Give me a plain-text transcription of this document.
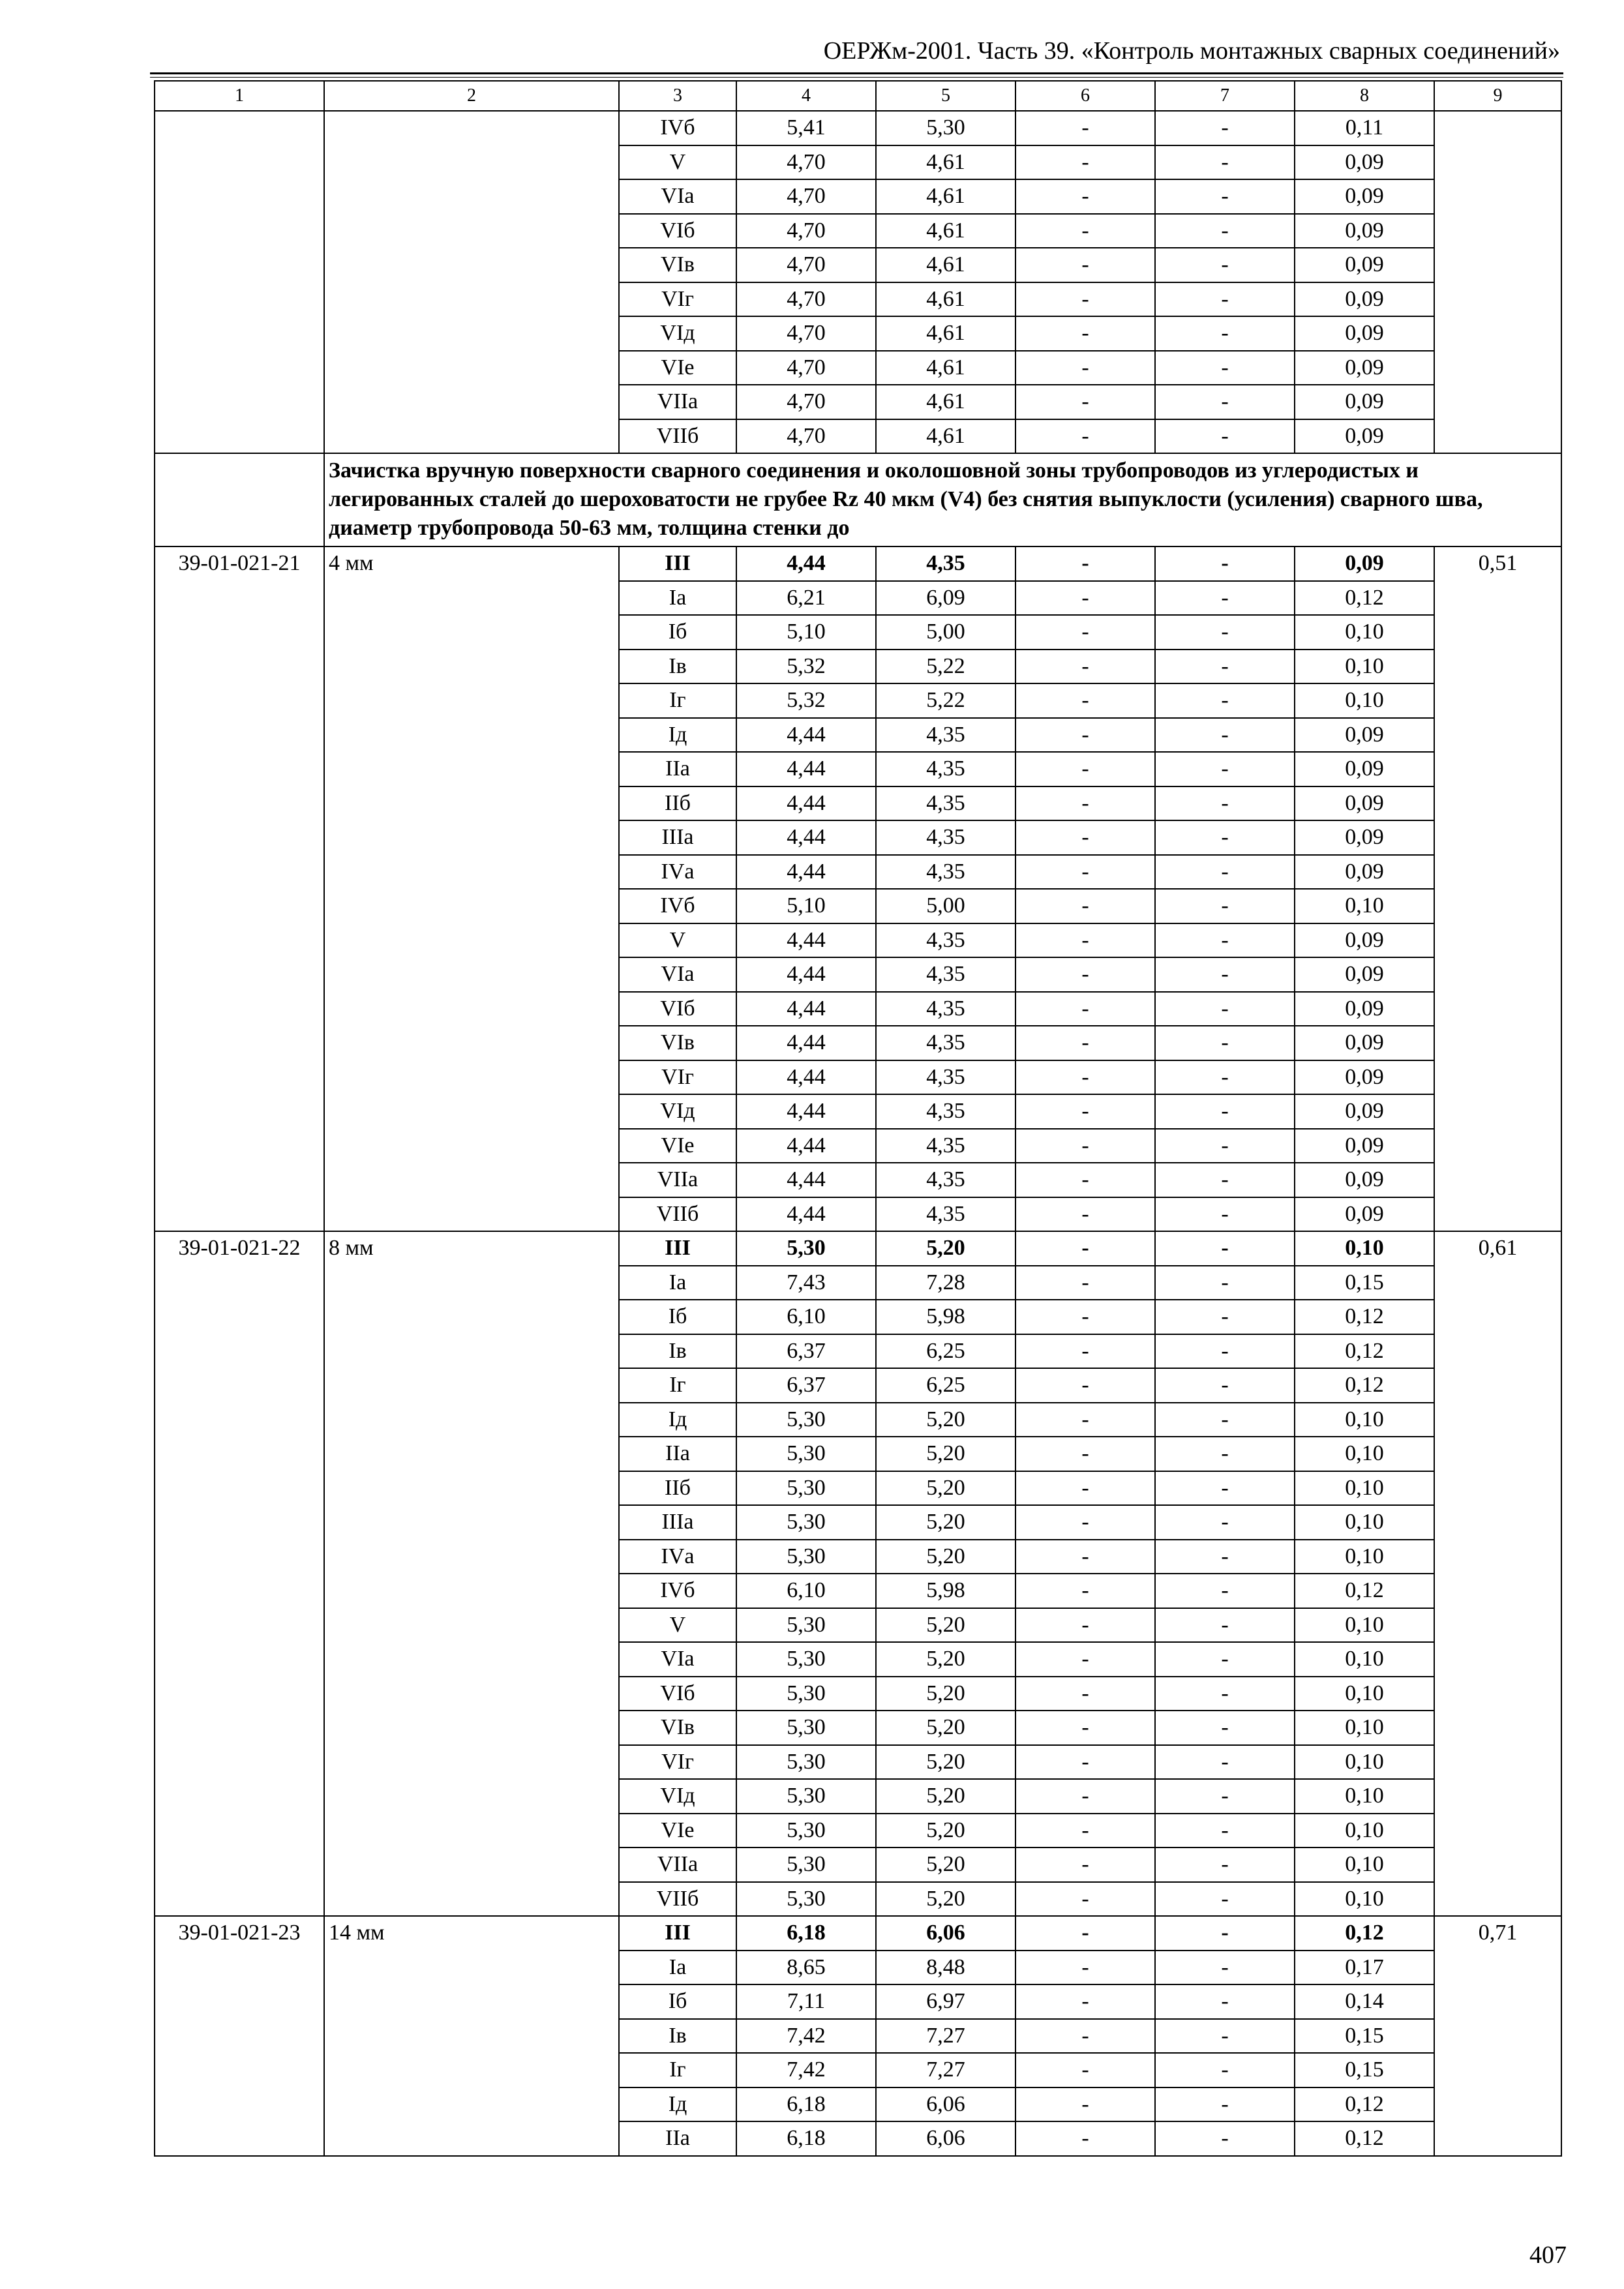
ОЕРЖм-2001. Часть 39. «Контроль монтажных сварных соединений»
1	2	3	4	5	6	7	8	9
		IVб	5,41	5,30	-	-	0,11	
		V	4,70	4,61	-	-	0,09	
		VIа	4,70	4,61	-	-	0,09	
		VIб	4,70	4,61	-	-	0,09	
		VIв	4,70	4,61	-	-	0,09	
		VIг	4,70	4,61	-	-	0,09	
		VIд	4,70	4,61	-	-	0,09	
		VIе	4,70	4,61	-	-	0,09	
		VIIа	4,70	4,61	-	-	0,09	
		VIIб	4,70	4,61	-	-	0,09	
	Зачистка вручную поверхности сварного соединения и околошовной зоны трубопроводов из углеродистых и легированных сталей до шероховатости не грубее Rz 40 мкм (V4) без снятия выпуклости (усиления) сварного шва, диаметр трубопровода 50-63 мм, толщина стенки до							
39-01-021-21	4 мм	III	4,44	4,35	-	-	0,09	0,51
		Iа	6,21	6,09	-	-	0,12	
		Iб	5,10	5,00	-	-	0,10	
		Iв	5,32	5,22	-	-	0,10	
		Iг	5,32	5,22	-	-	0,10	
		Iд	4,44	4,35	-	-	0,09	
		IIа	4,44	4,35	-	-	0,09	
		IIб	4,44	4,35	-	-	0,09	
		IIIа	4,44	4,35	-	-	0,09	
		IVа	4,44	4,35	-	-	0,09	
		IVб	5,10	5,00	-	-	0,10	
		V	4,44	4,35	-	-	0,09	
		VIа	4,44	4,35	-	-	0,09	
		VIб	4,44	4,35	-	-	0,09	
		VIв	4,44	4,35	-	-	0,09	
		VIг	4,44	4,35	-	-	0,09	
		VIд	4,44	4,35	-	-	0,09	
		VIе	4,44	4,35	-	-	0,09	
		VIIа	4,44	4,35	-	-	0,09	
		VIIб	4,44	4,35	-	-	0,09	
39-01-021-22	8 мм	III	5,30	5,20	-	-	0,10	0,61
		Iа	7,43	7,28	-	-	0,15	
		Iб	6,10	5,98	-	-	0,12	
		Iв	6,37	6,25	-	-	0,12	
		Iг	6,37	6,25	-	-	0,12	
		Iд	5,30	5,20	-	-	0,10	
		IIа	5,30	5,20	-	-	0,10	
		IIб	5,30	5,20	-	-	0,10	
		IIIа	5,30	5,20	-	-	0,10	
		IVа	5,30	5,20	-	-	0,10	
		IVб	6,10	5,98	-	-	0,12	
		V	5,30	5,20	-	-	0,10	
		VIа	5,30	5,20	-	-	0,10	
		VIб	5,30	5,20	-	-	0,10	
		VIв	5,30	5,20	-	-	0,10	
		VIг	5,30	5,20	-	-	0,10	
		VIд	5,30	5,20	-	-	0,10	
		VIе	5,30	5,20	-	-	0,10	
		VIIа	5,30	5,20	-	-	0,10	
		VIIб	5,30	5,20	-	-	0,10	
39-01-021-23	14 мм	III	6,18	6,06	-	-	0,12	0,71
		Iа	8,65	8,48	-	-	0,17	
		Iб	7,11	6,97	-	-	0,14	
		Iв	7,42	7,27	-	-	0,15	
		Iг	7,42	7,27	-	-	0,15	
		Iд	6,18	6,06	-	-	0,12	
		IIа	6,18	6,06	-	-	0,12	
407
